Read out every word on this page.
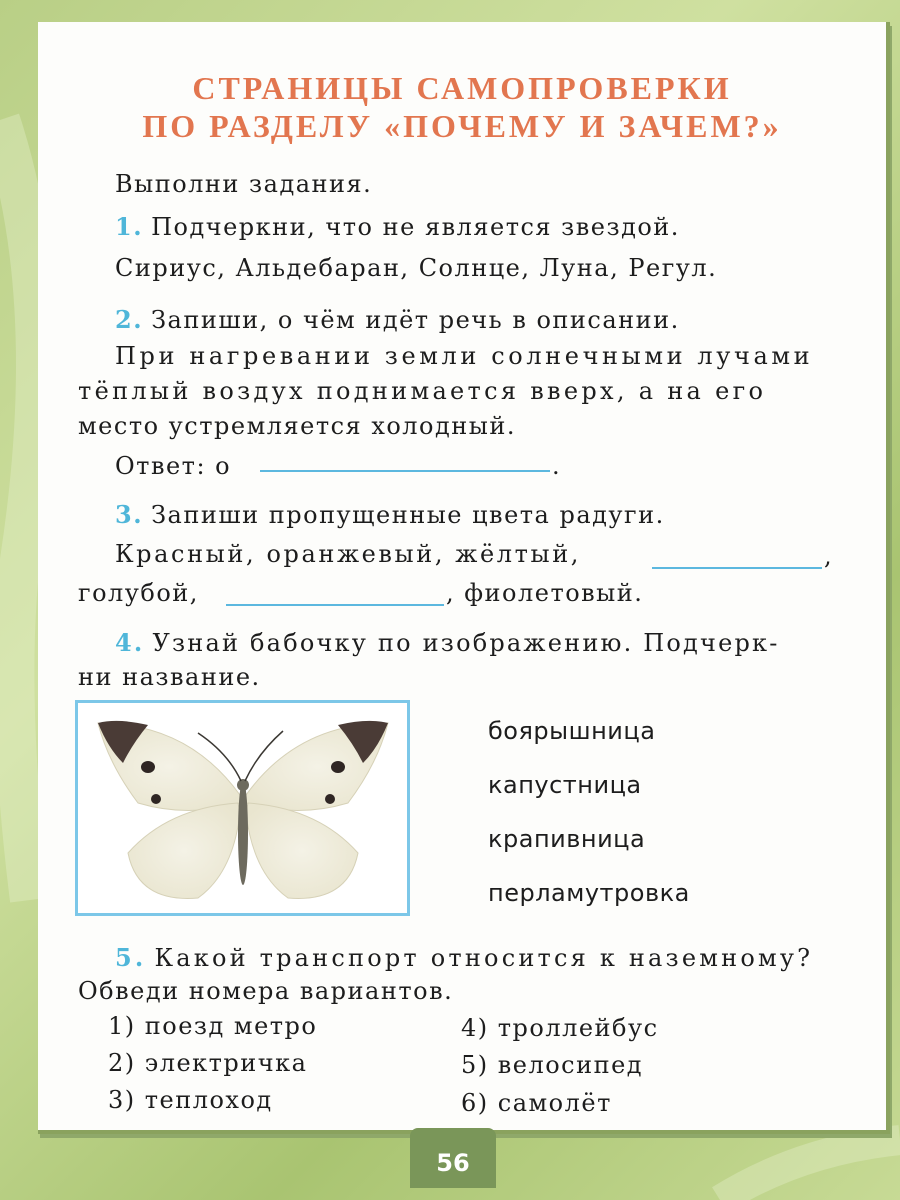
СТРАНИЦЫ САМОПРОВЕРКИ
ПО РАЗДЕЛУ «ПОЧЕМУ И ЗАЧЕМ?»
Выполни задания.
1. Подчеркни, что не является звездой.
Сириус, Альдебаран, Солнце, Луна, Регул.
2. Запиши, о чём идёт речь в описании.
При нагревании земли солнечными лучами
тёплый воздух поднимается вверх, а на его
место устремляется холодный.
Ответ: о	.
3. Запиши пропущенные цвета радуги.
Красный, оранжевый, жёлтый,	,
голубой,	, фиолетовый.
4. Узнай бабочку по изображению. Подчерк-
ни название.
боярышница
капустница
крапивница
перламутровка
5. Какой транспорт относится к наземному?
Обведи номера вариантов.
1) поезд метро
2) электричка
3) теплоход
4) троллейбус
5) велосипед
6) самолёт
56
